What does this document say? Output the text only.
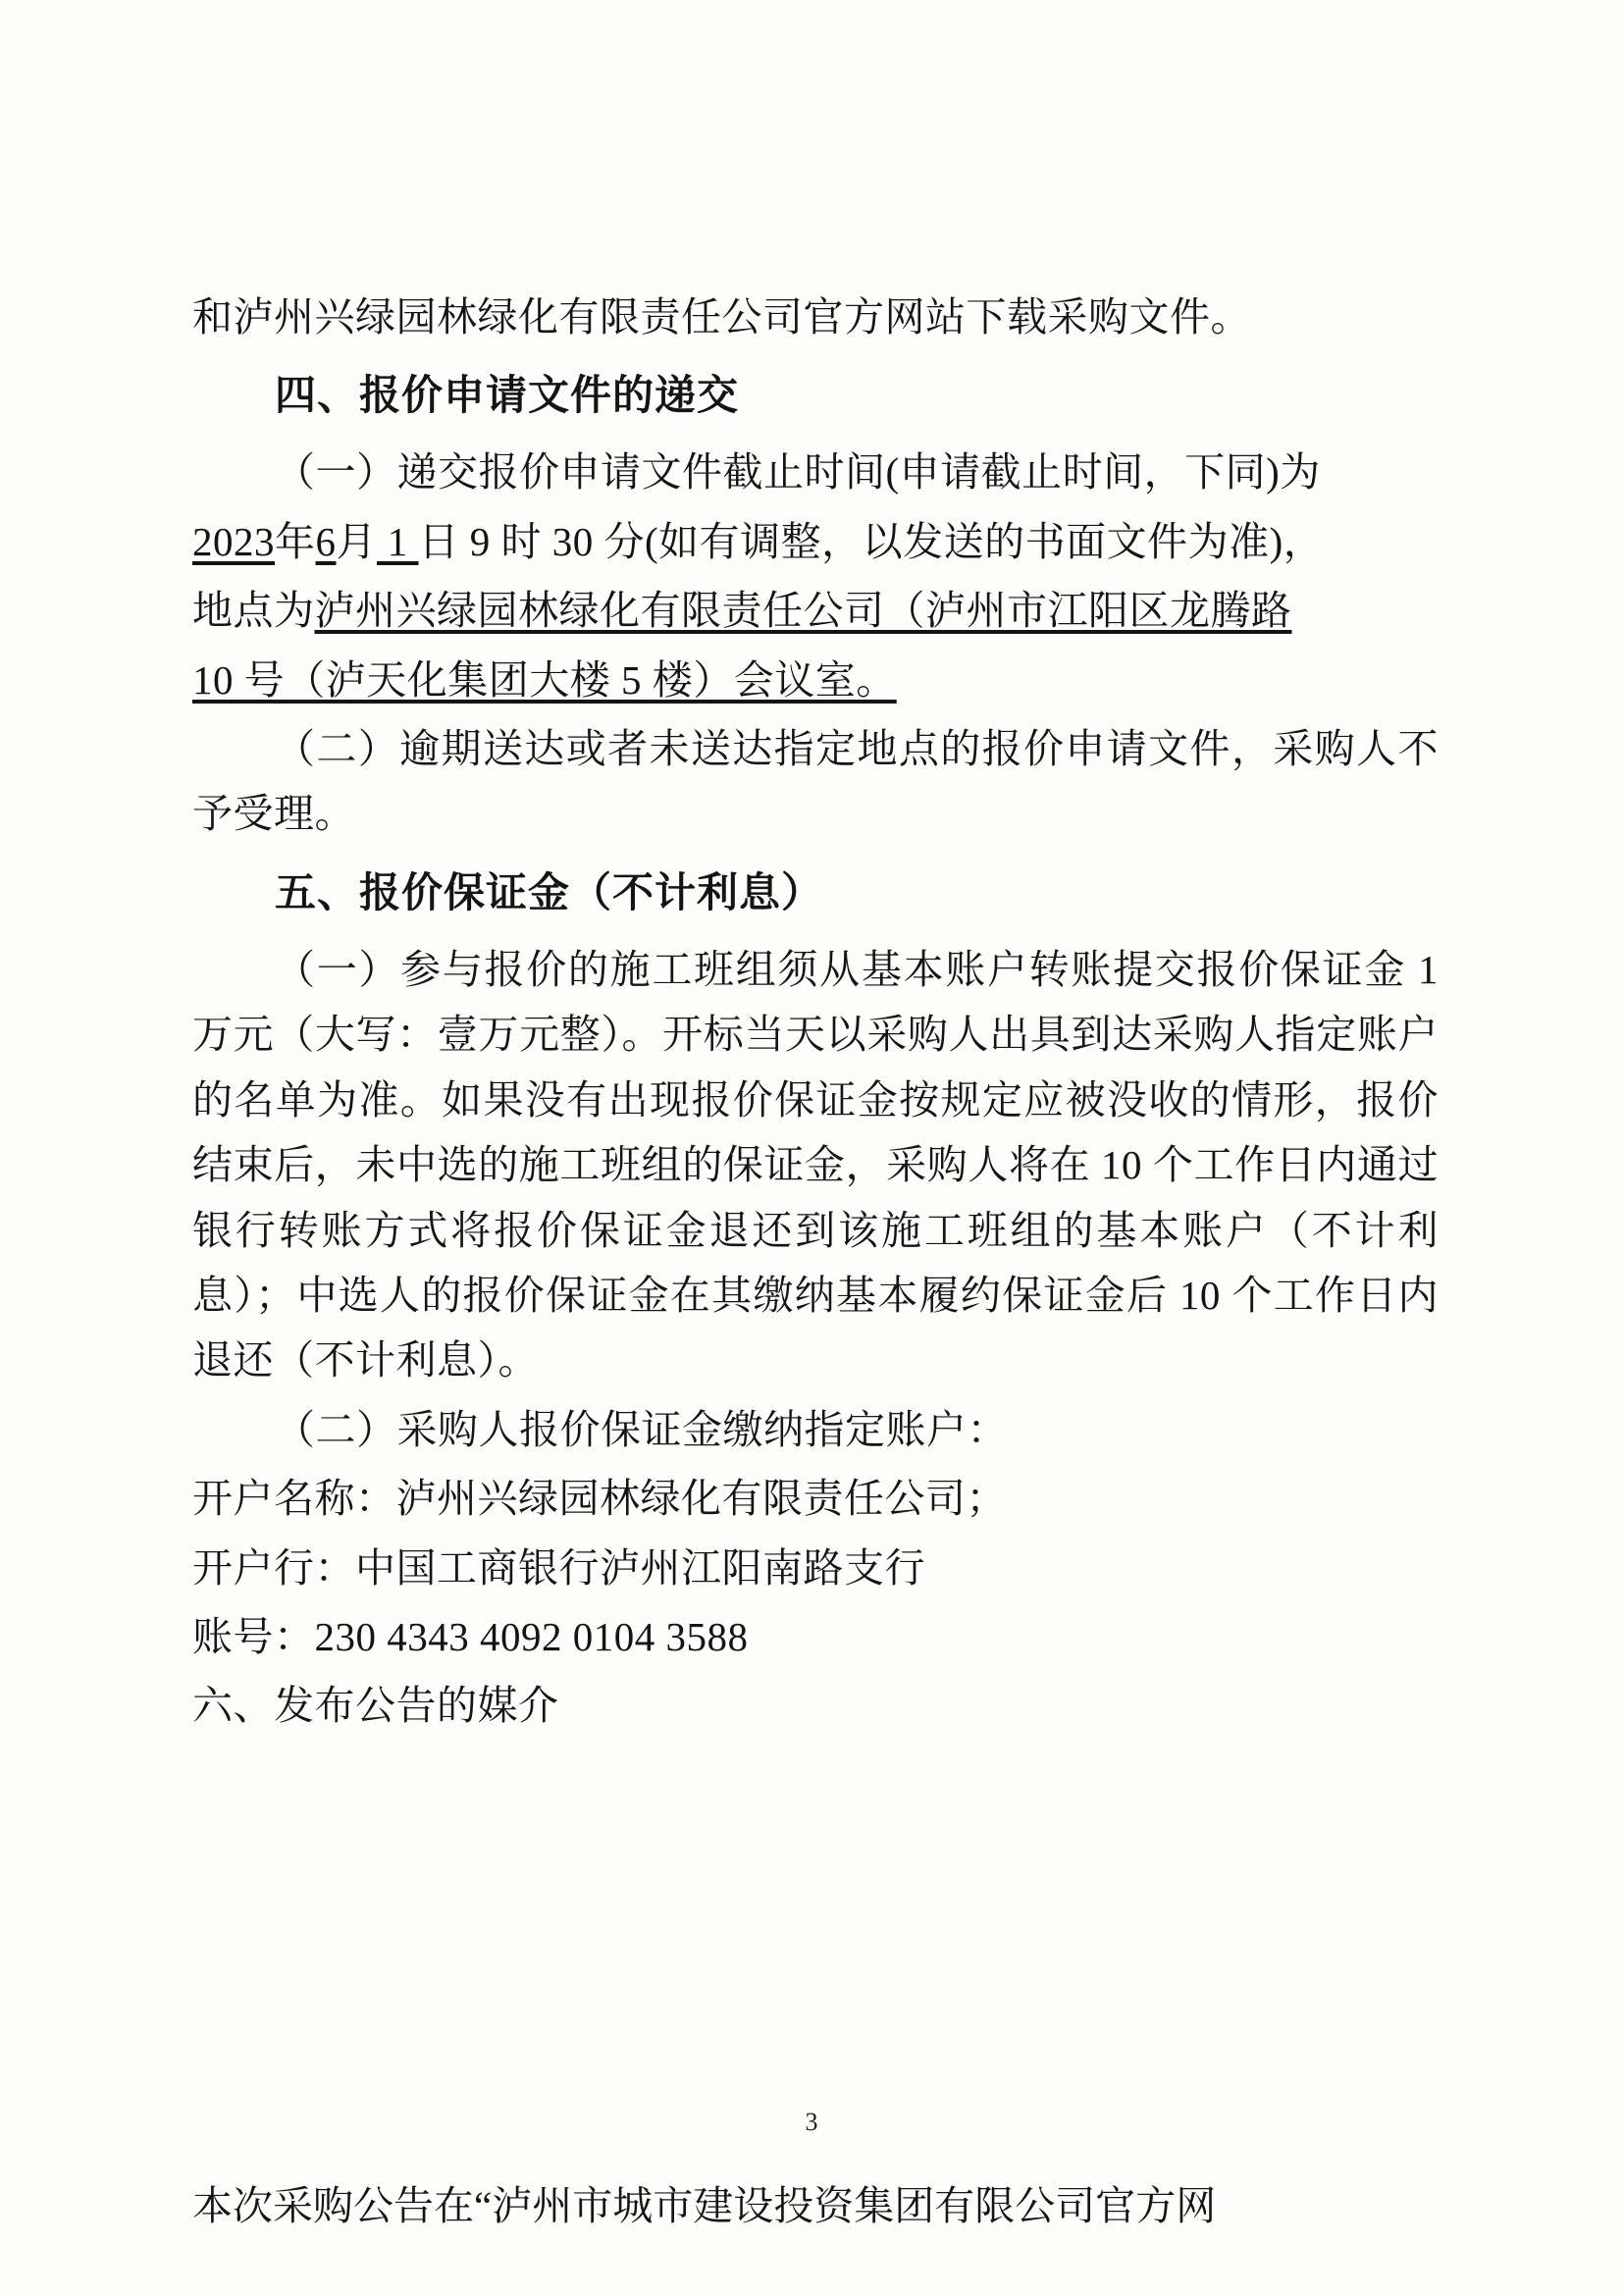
和泸州兴绿园林绿化有限责任公司官方网站下载采购文件。

四、报价申请文件的递交

（一）递交报价申请文件截止时间(申请截止时间，下同)为

2023年6月 1 日 9 时 30 分(如有调整，以发送的书面文件为准)，

地点为泸州兴绿园林绿化有限责任公司（泸州市江阳区龙腾路

10 号（泸天化集团大楼 5 楼）会议室。

（二）逾期送达或者未送达指定地点的报价申请文件，采购人不予受理。

五、报价保证金（不计利息）

（一）参与报价的施工班组须从基本账户转账提交报价保证金 1 万元（大写：壹万元整）。开标当天以采购人出具到达采购人指定账户的名单为准。如果没有出现报价保证金按规定应被没收的情形，报价结束后，未中选的施工班组的保证金，采购人将在 10 个工作日内通过银行转账方式将报价保证金退还到该施工班组的基本账户（不计利息）；中选人的报价保证金在其缴纳基本履约保证金后 10 个工作日内退还（不计利息）。

（二）采购人报价保证金缴纳指定账户：

开户名称：泸州兴绿园林绿化有限责任公司；

开户行：中国工商银行泸州江阳南路支行

账号：230 4343 4092 0104 3588

六、发布公告的媒介

3
本次采购公告在“泸州市城市建设投资集团有限公司官方网
